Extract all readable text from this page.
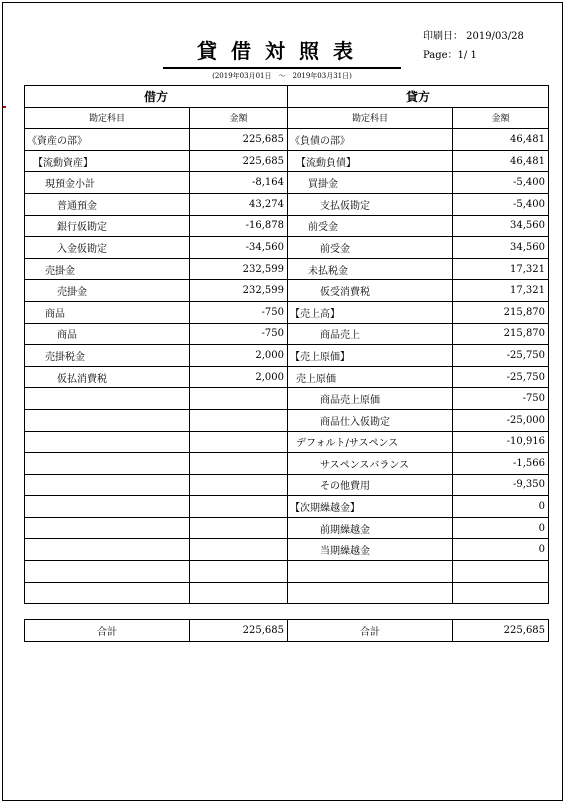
貸借対照表
(2019年03月01日　～　2019年03月31日)
印刷日： 2019/03/28
Page：1/ 1
借方		貸方	
勘定科目	金額	勘定科目	金額
《資産の部》	225,685	《負債の部》	46,481
【流動資産】	225,685	【流動負債】	46,481
現預金小計	-8,164	買掛金	-5,400
普通預金	43,274	支払仮勘定	-5,400
銀行仮勘定	-16,878	前受金	34,560
入金仮勘定	-34,560	前受金	34,560
売掛金	232,599	未払税金	17,321
売掛金	232,599	仮受消費税	17,321
商品	-750	【売上高】	215,870
商品	-750	商品売上	215,870
売掛税金	2,000	【売上原価】	-25,750
仮払消費税	2,000	売上原価	-25,750
		商品売上原価	-750
		商品仕入仮勘定	-25,000
		デフォルト/サスペンス	-10,916
		サスペンスバランス	-1,566
		その他費用	-9,350
		【次期繰越金】	0
		前期繰越金	0
		当期繰越金	0

合計	225,685	合計	225,685
